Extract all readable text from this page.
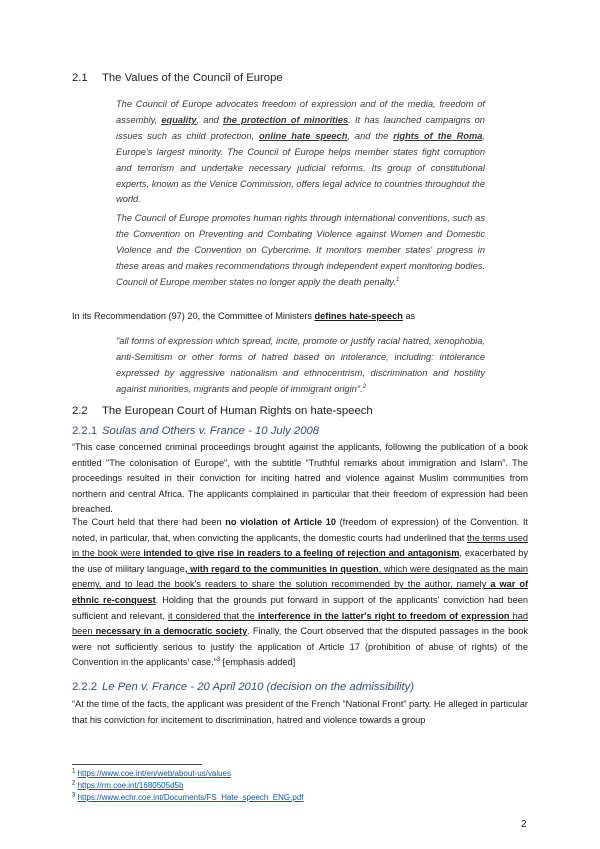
2.1 The Values of the Council of Europe
The Council of Europe advocates freedom of expression and of the media, freedom of assembly, equality, and the protection of minorities. It has launched campaigns on issues such as child protection, online hate speech, and the rights of the Roma, Europe's largest minority. The Council of Europe helps member states fight corruption and terrorism and undertake necessary judicial reforms. Its group of constitutional experts, known as the Venice Commission, offers legal advice to countries throughout the world.
The Council of Europe promotes human rights through international conventions, such as the Convention on Preventing and Combating Violence against Women and Domestic Violence and the Convention on Cybercrime. It monitors member states' progress in these areas and makes recommendations through independent expert monitoring bodies. Council of Europe member states no longer apply the death penalty.$^1$
In its Recommendation (97) 20, the Committee of Ministers defines hate-speech as
"all forms of expression which spread, incite, promote or justify racial hatred, xenophobia, anti-Semitism or other forms of hatred based on intolerance, including: intolerance expressed by aggressive nationalism and ethnocentrism, discrimination and hostility against minorities, migrants and people of immigrant origin".$^2$
2.2 The European Court of Human Rights on hate-speech
2.2.1 Soulas and Others v. France - 10 July 2008
“This case concerned criminal proceedings brought against the applicants, following the publication of a book entitled "The colonisation of Europe", with the subtitle “Truthful remarks about immigration and Islam”. The proceedings resulted in their conviction for inciting hatred and violence against Muslim communities from northern and central Africa. The applicants complained in particular that their freedom of expression had been breached.
The Court held that there had been no violation of Article 10 (freedom of expression) of the Convention. It noted, in particular, that, when convicting the applicants, the domestic courts had underlined that the terms used in the book were intended to give rise in readers to a feeling of rejection and antagonism, exacerbated by the use of military language, with regard to the communities in question, which were designated as the main enemy, and to lead the book's readers to share the solution recommended by the author, namely a war of ethnic re-conquest. Holding that the grounds put forward in support of the applicants' conviction had been sufficient and relevant, it considered that the interference in the latter's right to freedom of expression had been necessary in a democratic society. Finally, the Court observed that the disputed passages in the book were not sufficiently serious to justify the application of Article 17 (prohibition of abuse of rights) of the Convention in the applicants' case.”$^3$ [emphasis added]
2.2.2 Le Pen v. France - 20 April 2010 (decision on the admissibility)
“At the time of the facts, the applicant was president of the French “National Front” party. He alleged in particular that his conviction for incitement to discrimination, hatred and violence towards a group
$^1$ https://www.coe.int/en/web/about-us/values
$^2$ https://rm.coe.int/1680505d5b
$^3$ https://www.echr.coe.int/Documents/FS_Hate_speech_ENG.pdf
2
